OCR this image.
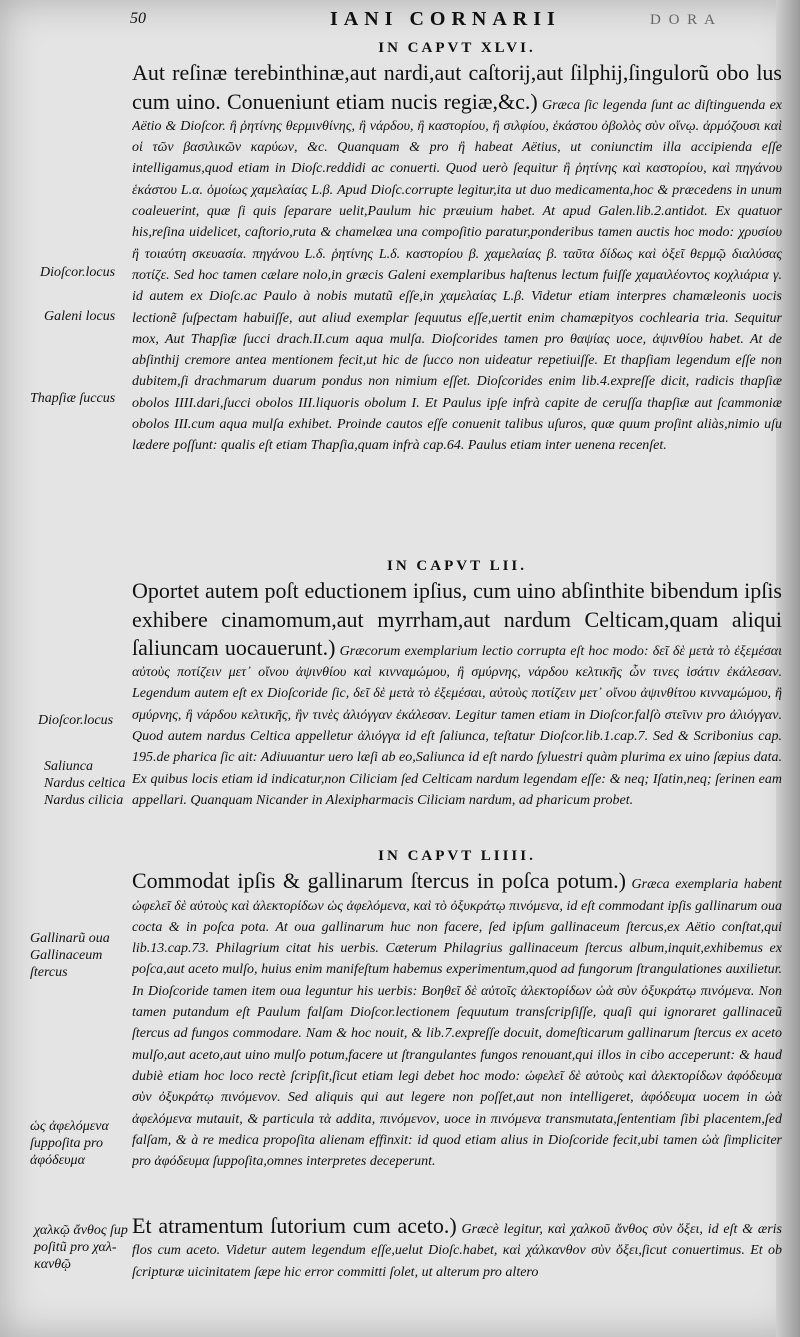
50	IANI CORNARII	D O R A
Dioſcor.locus
Galeni locus
Thapſiæ ſuccus
Dioſcor.locus
Saliunca
Nardus celtica
Nardus cilicia
Gallinarũ oua
Gallinaceum
ſtercus
ὡς ἀφελόμενα
ſuppoſita pro
ἀφόδευμα
χαλκῷ ἄνθος ſup
poſitũ pro χαλ-
κανθῷ

IN CAPVT XLVI.

Aut reſinæ terebinthinæ,aut nardi,aut caſtorij,aut ſilphij,ſingulorũ obo lus cum uino. Conueniunt etiam nucis regiæ,&c.) Græca ſic legenda ſunt ac diſtinguenda ex Aëtio & Dioſcor. ἢ ῥητίνης θερμινθίνης, ἢ νάρδου, ἢ καστορίου, ἢ σιλφίου, ἑκάστου ὀβολὸς σὺν οἴνῳ. ἁρμόζουσι καὶ οἱ τῶν βασιλικῶν καρύων, &c. Quanquam & pro ἢ habeat Aëtius, ut coniunctim illa accipienda eſſe intelligamus,quod etiam in Dioſc.reddidi ac conuerti. Quod uerò ſequitur ἢ ῥητίνης καὶ καστορίου, καὶ πηγάνου ἑκάστου L.α. ὁμοίως χαμελαίας L.β. Apud Dioſc.corrupte legitur,ita ut duo medicamenta,hoc & præcedens in unum coaleuerint, quæ ſi quis ſeparare uelit,Paulum hic præuium habet. At apud Galen.lib.2.antidot. Ex quatuor his,reſina uidelicet, caſtorio,ruta & chamelæa una compoſitio paratur,ponderibus tamen auctis hoc modo: χρυσίου ἢ τοιαύτη σκευασία. πηγάνου L.δ. ῥητίνης L.δ. καστορίου β. χαμελαίας β. ταῦτα δίδως καὶ ὀξεῖ θερμῷ διαλύσας ποτίζε. Sed hoc tamen cælare nolo,in græcis Galeni exemplaribus haſtenus lectum fuiſſe χαμαιλέοντος κοχλιάρια γ. id autem ex Dioſc.ac Paulo à nobis mutatũ eſſe,in χαμελαίας L.β. Videtur etiam interpres chamæleonis uocis lectionẽ ſuſpectam habuiſſe, aut aliud exemplar ſequutus eſſe,uertit enim chamæpityos cochlearia tria. Sequitur mox, Aut Thapſiæ ſucci drach.II.cum aqua mulſa. Dioſcorides tamen pro θαψίας uoce, ἀψινθίου habet. At de abſinthij cremore antea mentionem fecit,ut hic de ſucco non uideatur repetiuiſſe. Et thapſiam legendum eſſe non dubitem,ſi drachmarum duarum pondus non nimium eſſet. Dioſcorides enim lib.4.expreſſe dicit, radicis thapſiæ obolos IIII.dari,ſucci obolos III.liquoris obolum I. Et Paulus ipſe infrà capite de ceruſſa thapſiæ aut ſcammoniæ obolos III.cum aqua mulſa exhibet. Proinde cautos eſſe conuenit talibus uſuros, quæ quum proſint aliàs,nimio uſu lædere poſſunt: qualis eſt etiam Thapſia,quam infrà cap.64. Paulus etiam inter uenena recenſet.

IN CAPVT LII.

Oportet autem poſt eductionem ipſius, cum uino abſinthite bibendum ipſis exhibere cinamomum,aut myrrham,aut nardum Celticam,quam aliqui ſaliuncam uocauerunt.) Græcorum exemplarium lectio corrupta eſt hoc modo: δεῖ δὲ μετὰ τὸ ἐξεμέσαι αὐτοὺς ποτίζειν μετ᾽ οἴνου ἀψινθίου καὶ κινναμώμου, ἢ σμύρνης, νάρδου κελτικῆς ὧν τινες ἰσάτιν ἐκάλεσαν. Legendum autem eſt ex Dioſcoride ſic, δεῖ δὲ μετὰ τὸ ἐξεμέσαι, αὐτοὺς ποτίζειν μετ᾽ οἴνου ἀψινθίτου κινναμώμου, ἢ σμύρνης, ἢ νάρδου κελτικῆς, ἣν τινὲς ἀλιόγγαν ἐκάλεσαν. Legitur tamen etiam in Dioſcor.falſò στεῖνιν pro ἀλιόγγαν. Quod autem nardus Celtica appelletur ἀλιόγγα id eſt ſaliunca, teſtatur Dioſcor.lib.1.cap.7. Sed & Scribonius cap. 195.de pharica ſic ait: Adiuuantur uero læſi ab eo,Saliunca id eſt nardo ſyluestri quàm plurima ex uino ſæpius data. Ex quibus locis etiam id indicatur,non Ciliciam ſed Celticam nardum legendam eſſe: & neq; Iſatin,neq; ſerinen eam appellari. Quanquam Nicander in Alexipharmacis Ciliciam nardum, ad pharicum probet.

IN CAPVT LIIII.

Commodat ipſis & gallinarum ſtercus in poſca potum.) Græca exemplaria habent ὠφελεῖ δὲ αὐτοὺς καὶ ἀλεκτορίδων ὡς ἀφελόμενα, καὶ τὸ ὀξυκράτῳ πινόμενα, id eſt commodant ipſis gallinarum oua cocta & in poſca pota. At oua gallinarum huc non facere, ſed ipſum gallinaceum ſtercus,ex Aëtio conſtat,qui lib.13.cap.73. Philagrium citat his uerbis. Cæterum Philagrius gallinaceum ſtercus album,inquit,exhibemus ex poſca,aut aceto mulſo, huius enim manifeſtum habemus experimentum,quod ad fungorum ſtrangulationes auxilietur. In Dioſcoride tamen item oua leguntur his uerbis: Βοηθεῖ δὲ αὐτοῖς ἀλεκτορίδων ὠὰ σὺν ὀξυκράτῳ πινόμενα. Non tamen putandum eſt Paulum falſam Dioſcor.lectionem ſequutum transſcripſiſſe, quaſi qui ignoraret gallinaceũ ſtercus ad fungos commodare. Nam & hoc nouit, & lib.7.expreſſe docuit, domeſticarum gallinarum ſtercus ex aceto mulſo,aut aceto,aut uino mulſo potum,facere ut ſtrangulantes fungos renouant,qui illos in cibo acceperunt: & haud dubiè etiam hoc loco rectè ſcripſit,ſicut etiam legi debet hoc modo: ὠφελεῖ δὲ αὐτοὺς καὶ ἀλεκτορίδων ἀφόδευμα σὺν ὀξυκράτῳ πινόμενον. Sed aliquis qui aut legere non poſſet,aut non intelligeret, ἀφόδευμα uocem in ὠὰ ἀφελόμενα mutauit, & particula τὰ addita, πινόμενον, uoce in πινόμενα transmutata,ſententiam ſibi placentem,ſed falſam, & à re medica propoſita alienam effinxit: id quod etiam alius in Dioſcoride fecit,ubi tamen ὠὰ ſimpliciter pro ἀφόδευμα ſuppoſita,omnes interpretes deceperunt.

Et atramentum ſutorium cum aceto.) Græcè legitur, καὶ χαλκοῦ ἄνθος σὺν ὄξει, id eſt & æris flos cum aceto. Videtur autem legendum eſſe,uelut Dioſc.habet, καὶ χάλκανθον σὺν ὄξει,ſicut conuertimus. Et ob ſcripturæ uicinitatem ſæpe hic error committi ſolet, ut alterum pro altero
